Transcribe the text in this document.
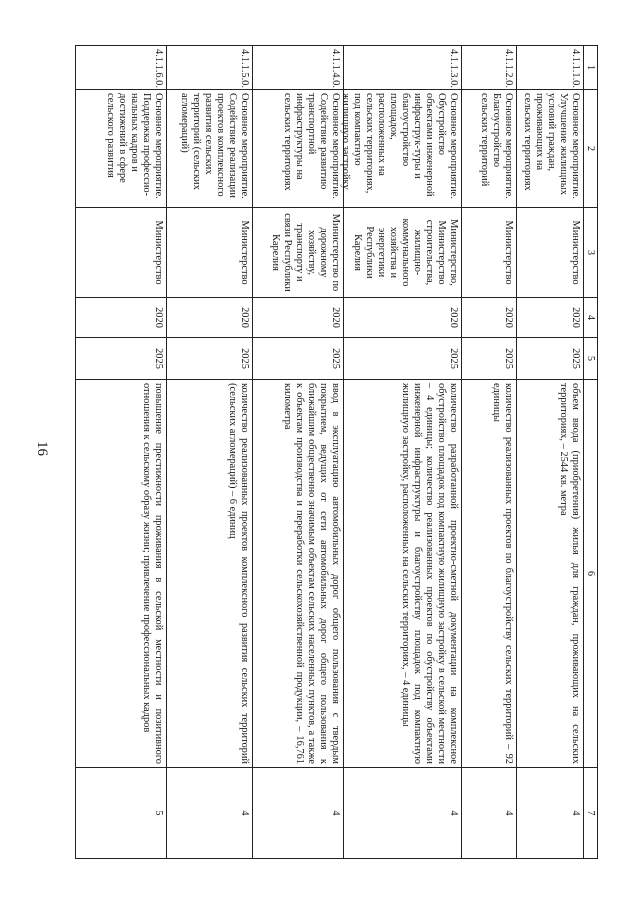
16
1
2
3
4
5
6
7
4.1.1.1.0.
Основное мероприятие. Улучшение жилищных условий граждан, проживающих на сельских территориях
Министерство
2020
2025
объем ввода (приобретения) жилья для граждан, проживающих на сельских территориях, – 2544 кв. метра
4
4.1.1.2.0.
Основное мероприятие. Благоустройство сельских территорий
Министерство
2020
2025
количество реализованных проектов по благоустройству сельских территорий – 92 единицы
4
4.1.1.3.0.
Основное мероприятие. Обустройство объектами инженерной инфраструк-туры и благоустройство площадок, расположенных на сельских территориях, под компактную жилищную застройку
Министерство, Министерство строительства, жилищно-коммунального хозяйства и энергетики Республики Карелия
2020
2025
количество разработанной проектно-сметной документации на комплексное обустройство площадок под компактную жилищную застройку в сельской местности – 4 единицы; количество реализованных проектов по обустройству объектами инженерной инфраструктуры и благоустройству площадок под компактную жилищную застройку, расположенных на сельских территориях, – 4 единицы
4
4.1.1.4.0.
Основное мероприятие. Содействие развитию транспортной инфраструктуры на сельских территориях
Министерство по дорожному хозяйству, транспорту и связи Республики Карелия
2020
2025
ввод в эксплуатацию автомобильных дорог общего пользования с твердым покрытием, ведущих от сети автомобильных дорог общего пользования к ближайшим общественно значимым объектам сельских населенных пунктов, а также к объектам производства и переработки сельскохозяйственной продукции, – 16,761 километра
4
4.1.1.5.0.
Основное мероприятие. Содействие реализации проектов комплексного развития сельских территорий (сельских агломераций)
Министерство
2020
2025
количество реализованных проектов комплексного развития сельских территорий (сельских агломераций) – 6 единиц
4
4.1.1.6.0.
Основное мероприятие. Поддержка профессио-нальных кадров и достижений в сфере сельского развития
Министерство
2020
2025
повышение престижности проживания в сельской местности и позитивного отношения к сельскому образу жизни; привлечение профессиональных кадров
5
